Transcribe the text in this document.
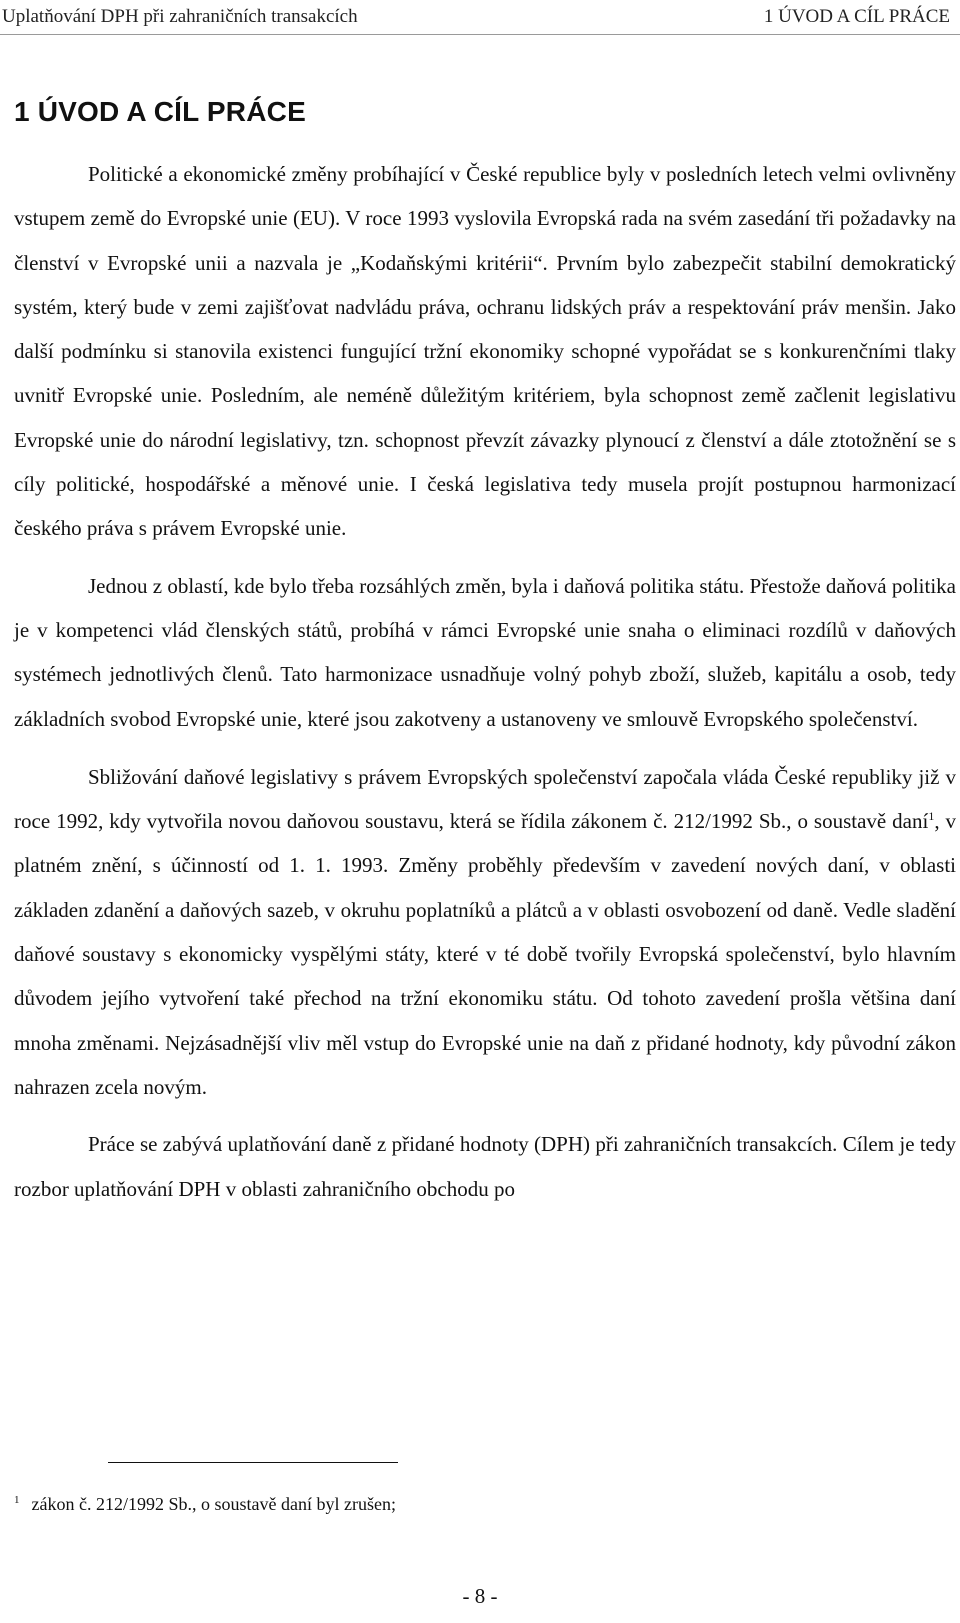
Uplatňování DPH při zahraničních transakcích	1 ÚVOD A CÍL PRÁCE
1 ÚVOD A CÍL PRÁCE

Politické a ekonomické změny probíhající v České republice byly v posledních letech velmi ovlivněny vstupem země do Evropské unie (EU). V roce 1993 vyslovila Evropská rada na svém zasedání tři požadavky na členství v Evropské unii a nazvala je „Kodaňskými kritérii“. Prvním bylo zabezpečit stabilní demokratický systém, který bude v zemi zajišťovat nadvládu práva, ochranu lidských práv a respektování práv menšin. Jako další podmínku si stanovila existenci fungující tržní ekonomiky schopné vypořádat se s konkurenčními tlaky uvnitř Evropské unie. Posledním, ale neméně důležitým kritériem, byla schopnost země začlenit legislativu Evropské unie do národní legislativy, tzn. schopnost převzít závazky plynoucí z členství a dále ztotožnění se s cíly politické, hospodářské a měnové unie. I česká legislativa tedy musela projít postupnou harmonizací českého práva s právem Evropské unie.

Jednou z oblastí, kde bylo třeba rozsáhlých změn, byla i daňová politika státu. Přestože daňová politika je v kompetenci vlád členských států, probíhá v rámci Evropské unie snaha o eliminaci rozdílů v daňových systémech jednotlivých členů. Tato harmonizace usnadňuje volný pohyb zboží, služeb, kapitálu a osob, tedy základních svobod Evropské unie, které jsou zakotveny a ustanoveny ve smlouvě Evropského společenství.

Sbližování daňové legislativy s právem Evropských společenství započala vláda České republiky již v roce 1992, kdy vytvořila novou daňovou soustavu, která se řídila zákonem č. 212/1992 Sb., o soustavě daní$^1$, v platném znění, s účinností od 1. 1. 1993. Změny proběhly především v zavedení nových daní, v oblasti základen zdanění a daňových sazeb, v okruhu poplatníků a plátců a v oblasti osvobození od daně. Vedle sladění daňové soustavy s ekonomicky vyspělými státy, které v té době tvořily Evropská společenství, bylo hlavním důvodem jejího vytvoření také přechod na tržní ekonomiku státu. Od tohoto zavedení prošla většina daní mnoha změnami. Nejzásadnější vliv měl vstup do Evropské unie na daň z přidané hodnoty, kdy původní zákon nahrazen zcela novým.

Práce se zabývá uplatňování daně z přidané hodnoty (DPH) při zahraničních transakcích. Cílem je tedy rozbor uplatňování DPH v oblasti zahraničního obchodu po

$^1$ zákon č. 212/1992 Sb., o soustavě daní byl zrušen;
- 8 -
